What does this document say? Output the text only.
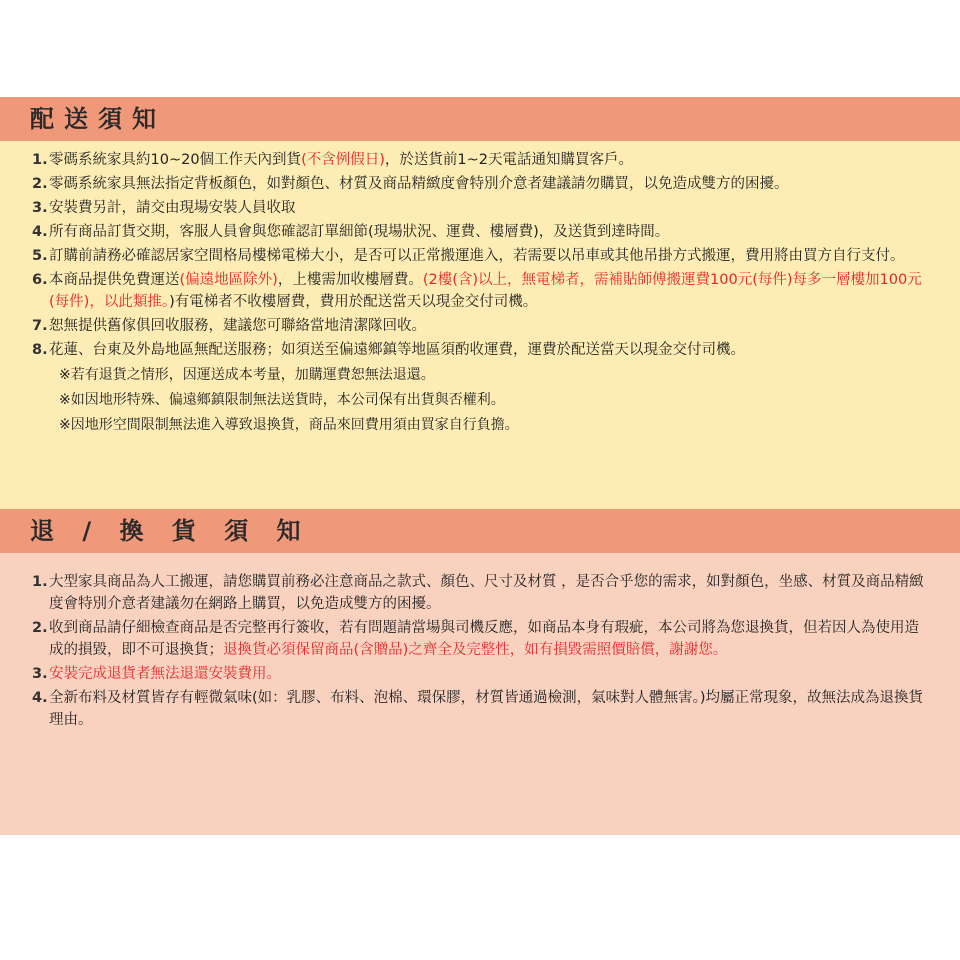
配送須知
1. 零碼系統家具約10~20個工作天內到貨(不含例假日)，於送貨前1~2天電話通知購買客戶。
2. 零碼系統家具無法指定背板顏色，如對顏色、材質及商品精緻度會特別介意者建議請勿購買，以免造成雙方的困擾。
3. 安裝費另計，請交由現場安裝人員收取
4. 所有商品訂貨交期，客服人員會與您確認訂單細節(現場狀況、運費、樓層費)，及送貨到達時間。
5. 訂購前請務必確認居家空間格局樓梯電梯大小，是否可以正常搬運進入，若需要以吊車或其他吊掛方式搬運，費用將由買方自行支付。
6. 本商品提供免費運送(偏遠地區除外)，上樓需加收樓層費。(2樓(含)以上，無電梯者，需補貼師傅搬運費100元(每件)每多一層樓加100元(每件)，以此類推。)有電梯者不收樓層費，費用於配送當天以現金交付司機。
7. 恕無提供舊傢俱回收服務，建議您可聯絡當地清潔隊回收。
8. 花蓮、台東及外島地區無配送服務；如須送至偏遠鄉鎮等地區須酌收運費，運費於配送當天以現金交付司機。
※若有退貨之情形，因運送成本考量，加購運費恕無法退還。
※如因地形特殊、偏遠鄉鎮限制無法送貨時，本公司保有出貨與否權利。
※因地形空間限制無法進入導致退換貨，商品來回費用須由買家自行負擔。
退 / 換 貨 須 知
1. 大型家具商品為人工搬運，請您購買前務必注意商品之款式、顏色、尺寸及材質 ，是否合乎您的需求，如對顏色，坐感、材質及商品精緻度會特別介意者建議勿在網路上購買，以免造成雙方的困擾。
2. 收到商品請仔細檢查商品是否完整再行簽收，若有問題請當場與司機反應，如商品本身有瑕疵，本公司將為您退換貨，但若因人為使用造成的損毀，即不可退換貨；退換貨必須保留商品(含贈品)之齊全及完整性，如有損毀需照價賠償，謝謝您。
3. 安裝完成退貨者無法退還安裝費用。
4. 全新布料及材質皆存有輕微氣味(如：乳膠、布料、泡棉、環保膠，材質皆通過檢測，氣味對人體無害。)均屬正常現象，故無法成為退換貨理由。
